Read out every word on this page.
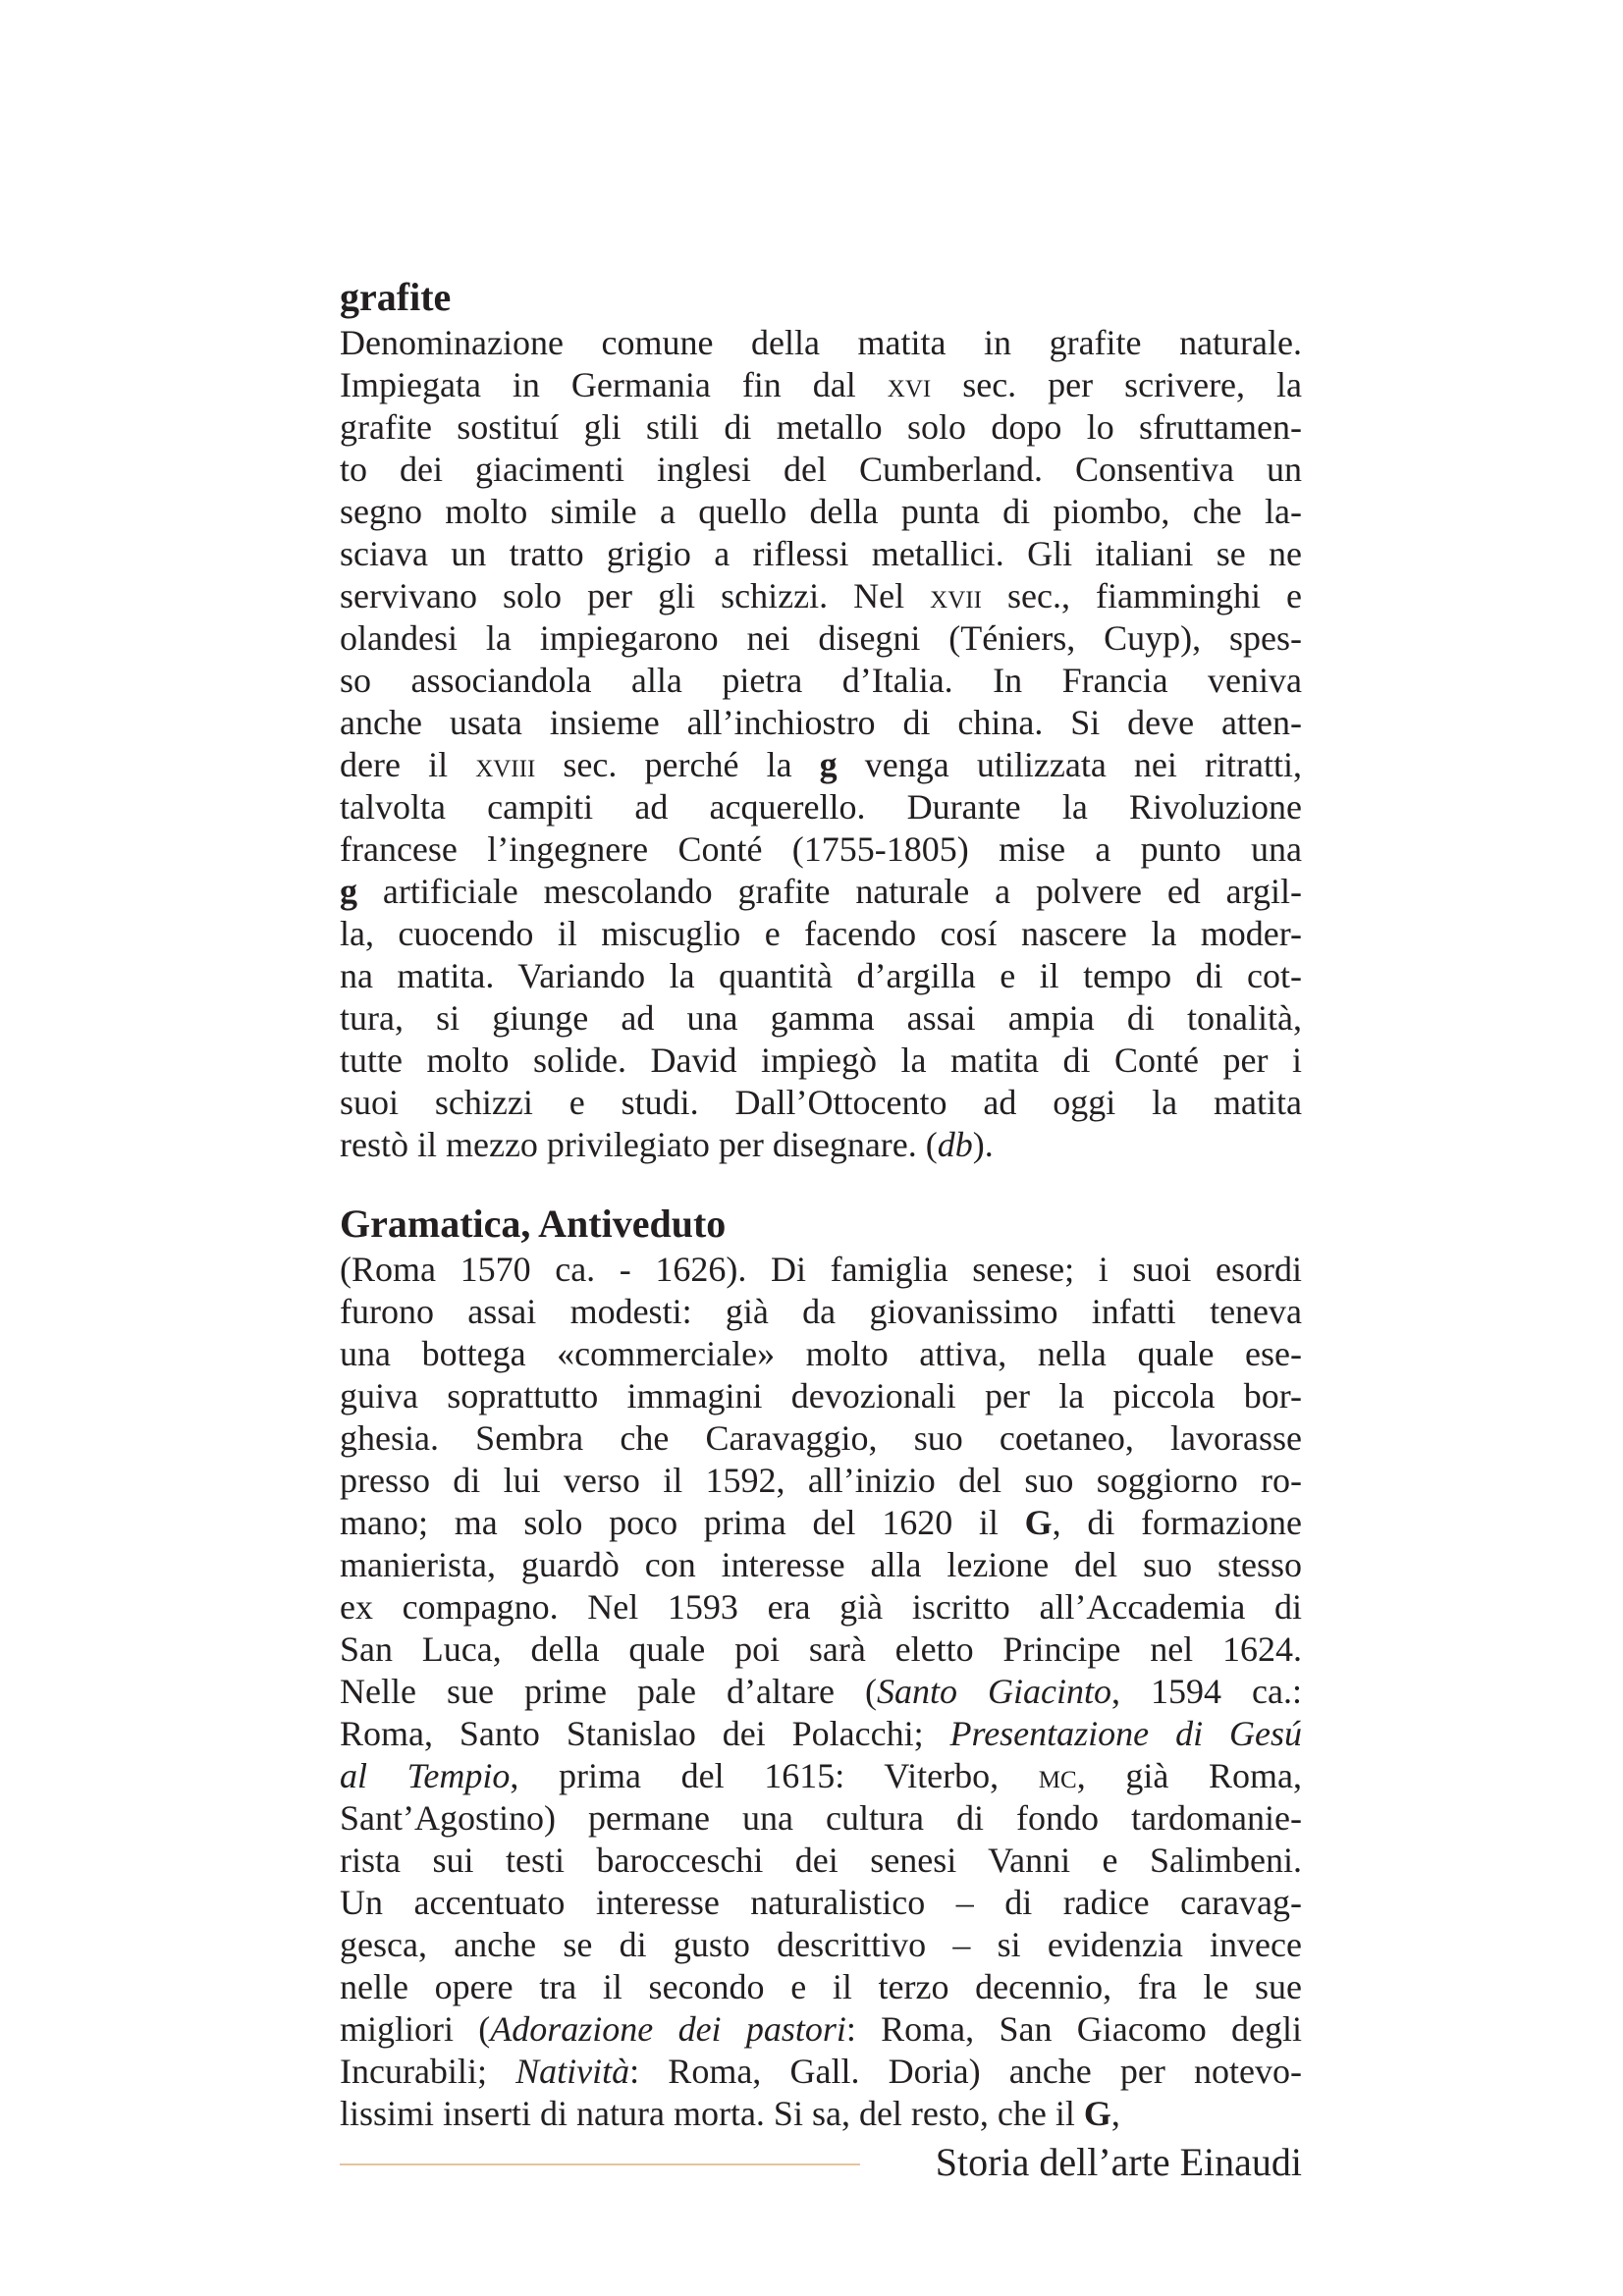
grafite
Denominazione comune della matita in grafite naturale.
Impiegata in Germania fin dal xvi sec. per scrivere, la
grafite sostituí gli stili di metallo solo dopo lo sfruttamen-
to dei giacimenti inglesi del Cumberland. Consentiva un
segno molto simile a quello della punta di piombo, che la-
sciava un tratto grigio a riflessi metallici. Gli italiani se ne
servivano solo per gli schizzi. Nel xvii sec., fiamminghi e
olandesi la impiegarono nei disegni (Téniers, Cuyp), spes-
so associandola alla pietra d’Italia. In Francia veniva
anche usata insieme all’inchiostro di china. Si deve atten-
dere il xviii sec. perché la g venga utilizzata nei ritratti,
talvolta campiti ad acquerello. Durante la Rivoluzione
francese l’ingegnere Conté (1755-1805) mise a punto una
g artificiale mescolando grafite naturale a polvere ed argil-
la, cuocendo il miscuglio e facendo cosí nascere la moder-
na matita. Variando la quantità d’argilla e il tempo di cot-
tura, si giunge ad una gamma assai ampia di tonalità,
tutte molto solide. David impiegò la matita di Conté per i
suoi schizzi e studi. Dall’Ottocento ad oggi la matita
restò il mezzo privilegiato per disegnare. (db).
Gramatica, Antiveduto
(Roma 1570 ca. - 1626). Di famiglia senese; i suoi esordi
furono assai modesti: già da giovanissimo infatti teneva
una bottega «commerciale» molto attiva, nella quale ese-
guiva soprattutto immagini devozionali per la piccola bor-
ghesia. Sembra che Caravaggio, suo coetaneo, lavorasse
presso di lui verso il 1592, all’inizio del suo soggiorno ro-
mano; ma solo poco prima del 1620 il G, di formazione
manierista, guardò con interesse alla lezione del suo stesso
ex compagno. Nel 1593 era già iscritto all’Accademia di
San Luca, della quale poi sarà eletto Principe nel 1624.
Nelle sue prime pale d’altare (Santo Giacinto, 1594 ca.:
Roma, Santo Stanislao dei Polacchi; Presentazione di Gesú
al Tempio, prima del 1615: Viterbo, mc, già Roma,
Sant’Agostino) permane una cultura di fondo tardomanie-
rista sui testi barocceschi dei senesi Vanni e Salimbeni.
Un accentuato interesse naturalistico – di radice caravag-
gesca, anche se di gusto descrittivo – si evidenzia invece
nelle opere tra il secondo e il terzo decennio, fra le sue
migliori (Adorazione dei pastori: Roma, San Giacomo degli
Incurabili; Natività: Roma, Gall. Doria) anche per notevo-
lissimi inserti di natura morta. Si sa, del resto, che il G,
Storia dell’arte Einaudi
